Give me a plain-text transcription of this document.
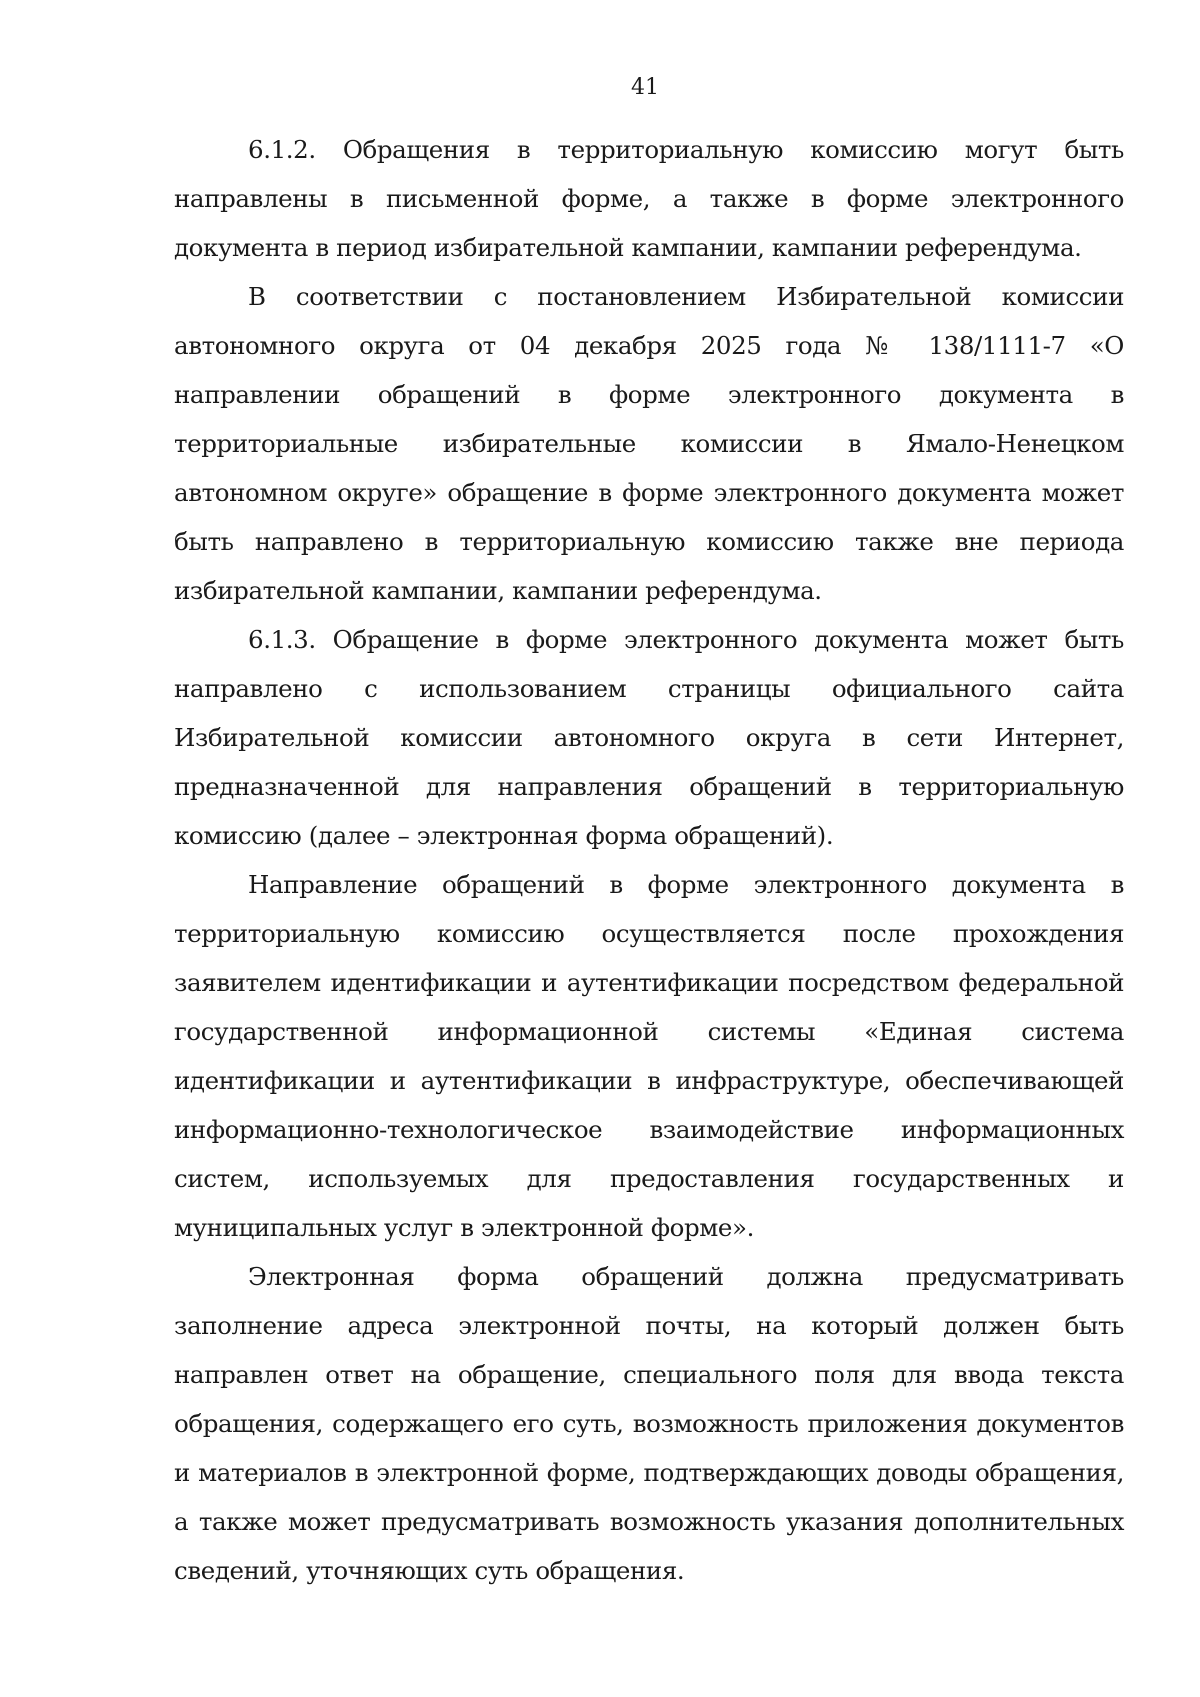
41

6.1.2. Обращения в территориальную комиссию могут быть направлены в письменной форме, а также в форме электронного документа в период избирательной кампании, кампании референдума.

В соответствии с постановлением Избирательной комиссии автономного округа от 04 декабря 2025 года № 138/1111-7 «О направлении обращений в форме электронного документа в территориальные избирательные комиссии в Ямало-Ненецком автономном округе» обращение в форме электронного документа может быть направлено в территориальную комиссию также вне периода избирательной кампании, кампании референдума.

6.1.3. Обращение в форме электронного документа может быть направлено с использованием страницы официального сайта Избирательной комиссии автономного округа в сети Интернет, предназначенной для направления обращений в территориальную комиссию (далее – электронная форма обращений).

Направление обращений в форме электронного документа в территориальную комиссию осуществляется после прохождения заявителем идентификации и аутентификации посредством федеральной государственной информационной системы «Единая система идентификации и аутентификации в инфраструктуре, обеспечивающей информационно-технологическое взаимодействие информационных систем, используемых для предоставления государственных и муниципальных услуг в электронной форме».

Электронная форма обращений должна предусматривать заполнение адреса электронной почты, на который должен быть направлен ответ на обращение, специального поля для ввода текста обращения, содержащего его суть, возможность приложения документов и материалов в электронной форме, подтверждающих доводы обращения, а также может предусматривать возможность указания дополнительных сведений, уточняющих суть обращения.
